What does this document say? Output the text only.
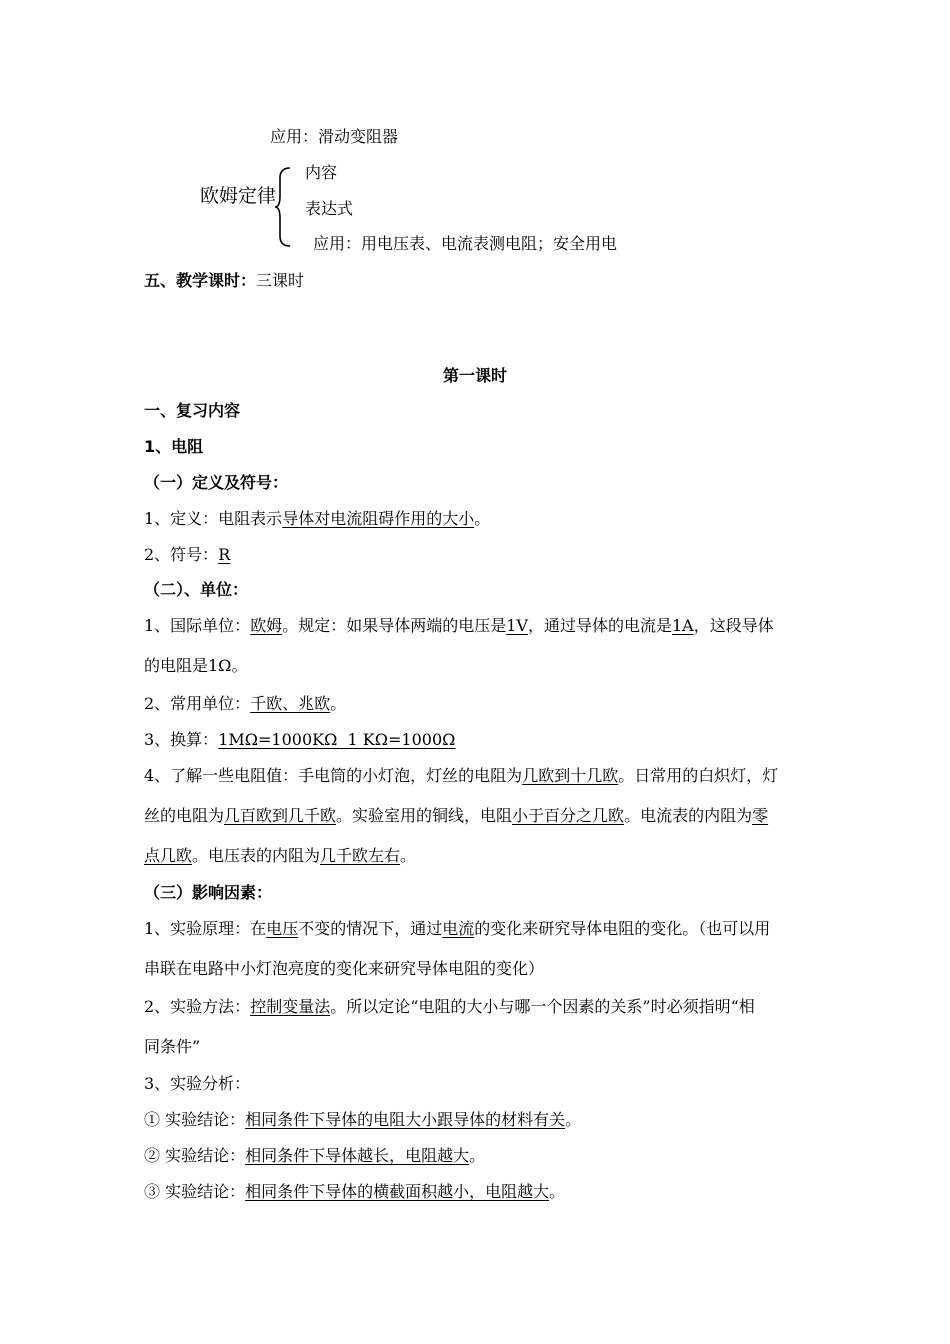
应用：滑动变阻器
欧姆定律
内容
表达式
应用：用电压表、电流表测电阻；安全用电
五、教学课时：三课时
第一课时
一、复习内容
1、电阻
（一）定义及符号：
1、定义：电阻表示导体对电流阻碍作用的大小。
2、符号：R
（二）、单位：
1、国际单位：欧姆。规定：如果导体两端的电压是1V，通过导体的电流是1A，这段导体
的电阻是1Ω。
2、常用单位：千欧、兆欧。
3、换算：1MΩ=1000KΩ  1 KΩ=1000Ω
4、了解一些电阻值：手电筒的小灯泡，灯丝的电阻为几欧到十几欧。日常用的白炽灯，灯
丝的电阻为几百欧到几千欧。实验室用的铜线，电阻小于百分之几欧。电流表的内阻为零
点几欧。电压表的内阻为几千欧左右。
（三）影响因素：
1、实验原理：在电压不变的情况下，通过电流的变化来研究导体电阻的变化。（也可以用
串联在电路中小灯泡亮度的变化来研究导体电阻的变化）
2、实验方法：控制变量法。所以定论“电阻的大小与哪一个因素的关系”时必须指明“相
同条件”
3、实验分析：
① 实验结论：相同条件下导体的电阻大小跟导体的材料有关。
② 实验结论：相同条件下导体越长，电阻越大。
③ 实验结论：相同条件下导体的横截面积越小，电阻越大。
